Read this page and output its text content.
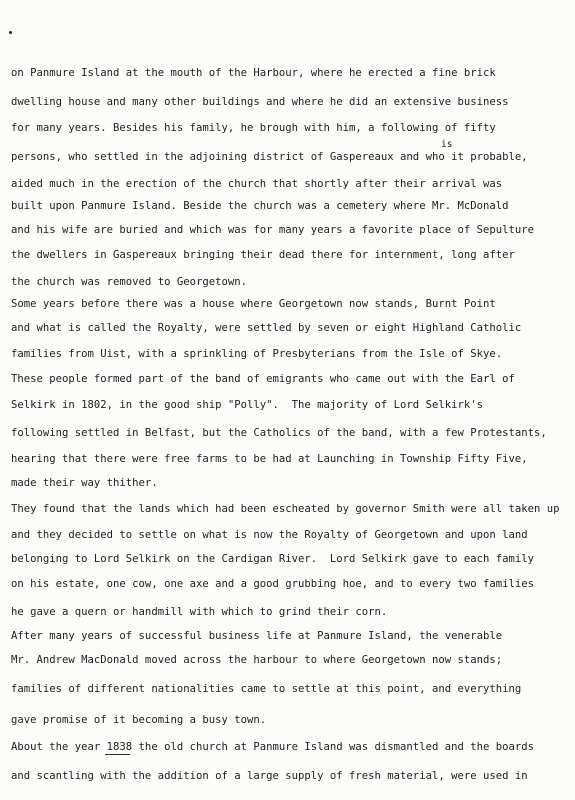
on Panmure Island at the mouth of the Harbour, where he erected a fine brick
dwelling house and many other buildings and where he did an extensive business
for many years. Besides his family, he brough with him, a following of fifty
is
persons, who settled in the adjoining district of Gaspereaux and who it probable,
aided much in the erection of the church that shortly after their arrival was
built upon Panmure Island. Beside the church was a cemetery where Mr. McDonald
and his wife are buried and which was for many years a favorite place of Sepulture
the dwellers in Gaspereaux bringing their dead there for internment, long after
the church was removed to Georgetown.
Some years before there was a house where Georgetown now stands, Burnt Point
and what is called the Royalty, were settled by seven or eight Highland Catholic
families from Uist, with a sprinkling of Presbyterians from the Isle of Skye.
These people formed part of the band of emigrants who came out with the Earl of
Selkirk in 1802, in the good ship "Polly".  The majority of Lord Selkirk's
following settled in Belfast, but the Catholics of the band, with a few Protestants,
hearing that there were free farms to be had at Launching in Township Fifty Five,
made their way thither.
They found that the lands which had been escheated by governor Smith were all taken up
and they decided to settle on what is now the Royalty of Georgetown and upon land
belonging to Lord Selkirk on the Cardigan River.  Lord Selkirk gave to each family
on his estate, one cow, one axe and a good grubbing hoe, and to every two families
he gave a quern or handmill with which to grind their corn.
After many years of successful business life at Panmure Island, the venerable
Mr. Andrew MacDonald moved across the harbour to where Georgetown now stands;
families of different nationalities came to settle at this point, and everything
gave promise of it becoming a busy town.
About the year 1838 the old church at Panmure Island was dismantled and the boards
and scantling with the addition of a large supply of fresh material, were used in
